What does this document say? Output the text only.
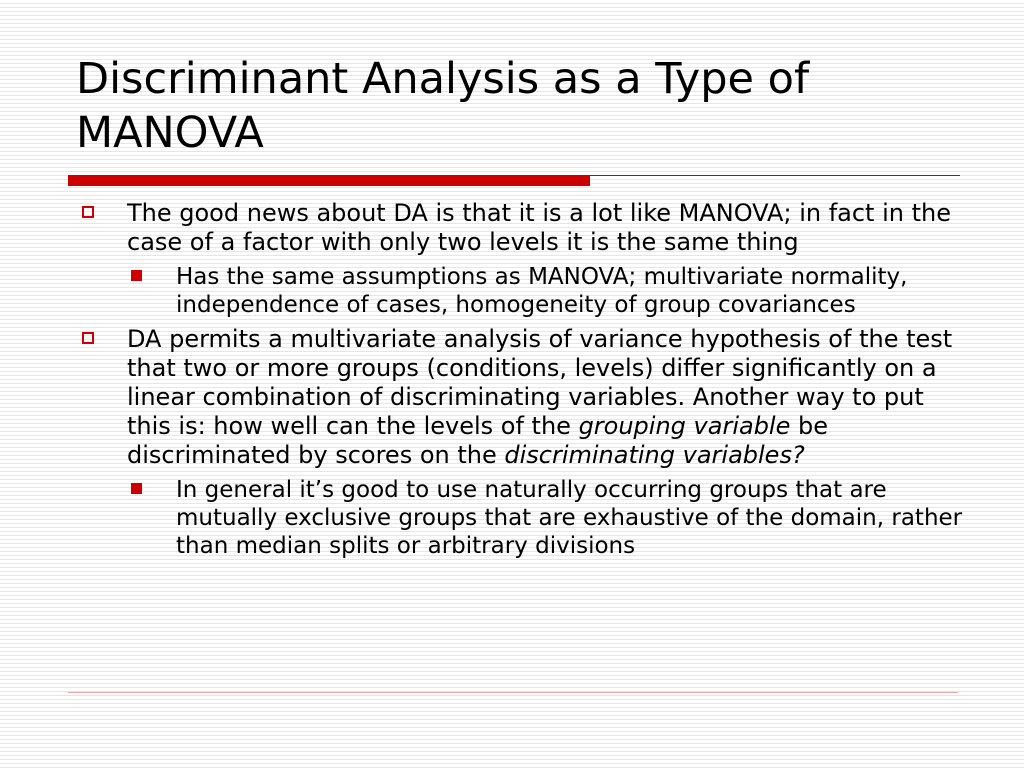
Discriminant Analysis as a Type of MANOVA
The good news about DA is that it is a lot like MANOVA; in fact in the case of a factor with only two levels it is the same thing
Has the same assumptions as MANOVA; multivariate normality, independence of cases, homogeneity of group covariances
DA permits a multivariate analysis of variance hypothesis of the test that two or more groups (conditions, levels) differ significantly on a linear combination of discriminating variables. Another way to put this is: how well can the levels of the grouping variable be discriminated by scores on the discriminating variables?
In general it’s good to use naturally occurring groups that are mutually exclusive groups that are exhaustive of the domain, rather than median splits or arbitrary divisions
